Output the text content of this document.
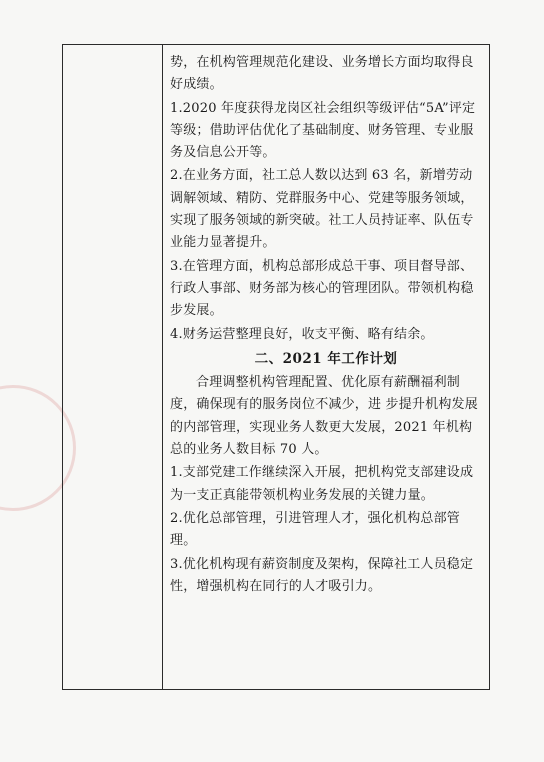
势，在机构管理规范化建设、业务增长方面均取得良好成绩。

1.2020 年度获得龙岗区社会组织等级评估“5A”评定等级；借助评估优化了基础制度、财务管理、专业服务及信息公开等。

2.在业务方面，社工总人数以达到 63 名，新增劳动调解领域、精防、党群服务中心、党建等服务领域，实现了服务领域的新突破。社工人员持证率、队伍专业能力显著提升。

3.在管理方面，机构总部形成总干事、项目督导部、行政人事部、财务部为核心的管理团队。带领机构稳步发展。

4.财务运营整理良好，收支平衡、略有结余。

二、2021 年工作计划

合理调整机构管理配置、优化原有薪酬福利制度，确保现有的服务岗位不减少，进 步提升机构发展的内部管理，实现业务人数更大发展，2021 年机构总的业务人数目标 70 人。

1.支部党建工作继续深入开展，把机构党支部建设成为一支正真能带领机构业务发展的关键力量。

2.优化总部管理，引进管理人才，强化机构总部管理。

3.优化机构现有薪资制度及架构，保障社工人员稳定性，增强机构在同行的人才吸引力。
